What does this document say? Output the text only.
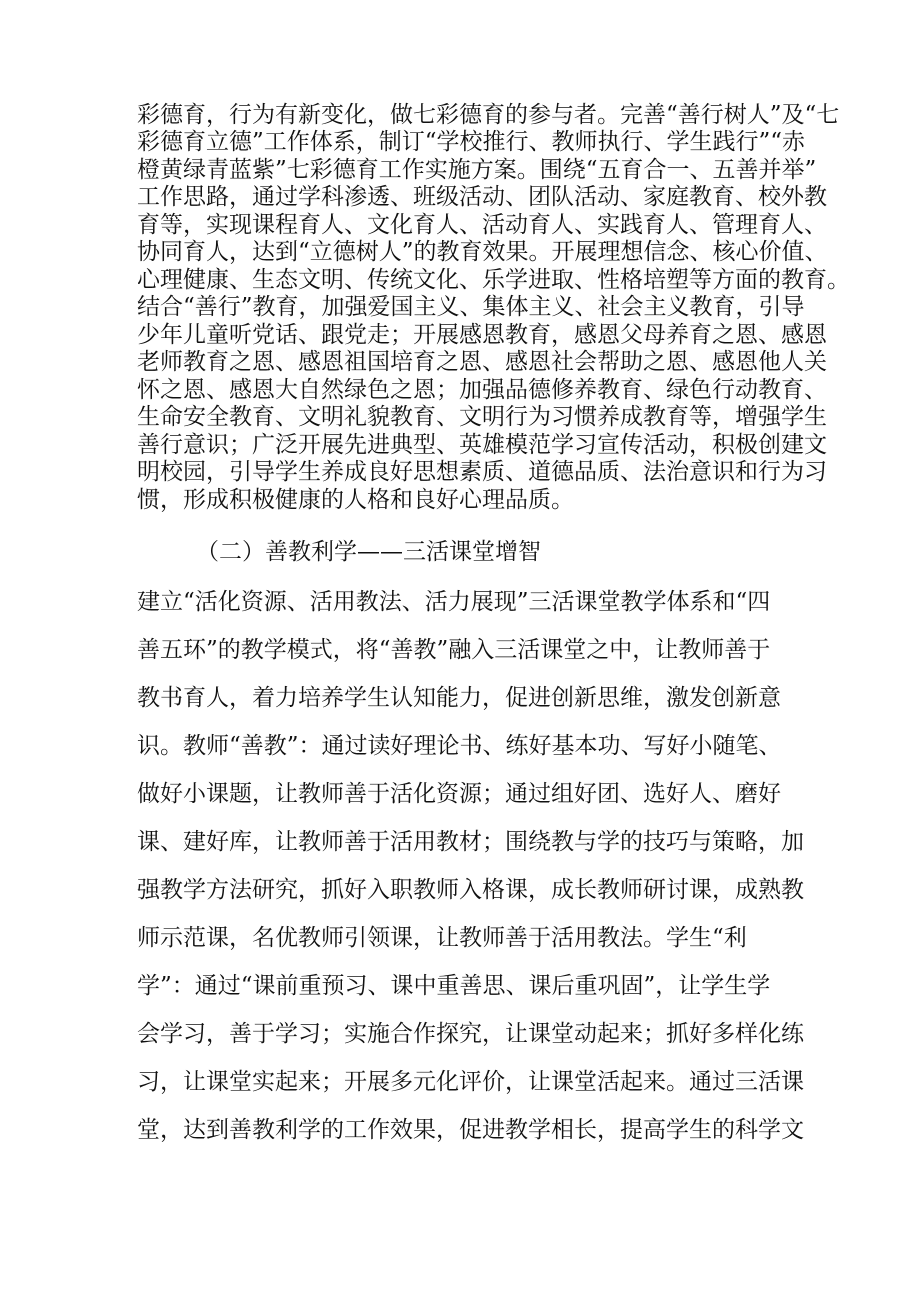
彩德育，行为有新变化，做七彩德育的参与者。完善“善行树人”及“七

彩德育立德”工作体系，制订“学校推行、教师执行、学生践行”“赤

橙黄绿青蓝紫”七彩德育工作实施方案。围绕“五育合一、五善并举”

工作思路，通过学科渗透、班级活动、团队活动、家庭教育、校外教

育等，实现课程育人、文化育人、活动育人、实践育人、管理育人、

协同育人，达到“立德树人”的教育效果。开展理想信念、核心价值、

心理健康、生态文明、传统文化、乐学进取、性格培塑等方面的教育。

结合“善行”教育，加强爱国主义、集体主义、社会主义教育，引导

少年儿童听党话、跟党走；开展感恩教育，感恩父母养育之恩、感恩

老师教育之恩、感恩祖国培育之恩、感恩社会帮助之恩、感恩他人关

怀之恩、感恩大自然绿色之恩；加强品德修养教育、绿色行动教育、

生命安全教育、文明礼貌教育、文明行为习惯养成教育等，增强学生

善行意识；广泛开展先进典型、英雄模范学习宣传活动，积极创建文

明校园，引导学生养成良好思想素质、道德品质、法治意识和行为习

惯，形成积极健康的人格和良好心理品质。

（二）善教利学——三活课堂增智

建立“活化资源、活用教法、活力展现”三活课堂教学体系和“四

善五环”的教学模式，将“善教”融入三活课堂之中，让教师善于

教书育人，着力培养学生认知能力，促进创新思维，激发创新意

识。教师“善教”：通过读好理论书、练好基本功、写好小随笔、

做好小课题，让教师善于活化资源；通过组好团、选好人、磨好

课、建好库，让教师善于活用教材；围绕教与学的技巧与策略，加

强教学方法研究，抓好入职教师入格课，成长教师研讨课，成熟教

师示范课，名优教师引领课，让教师善于活用教法。学生“利

学”：通过“课前重预习、课中重善思、课后重巩固”，让学生学

会学习，善于学习；实施合作探究，让课堂动起来；抓好多样化练

习，让课堂实起来；开展多元化评价，让课堂活起来。通过三活课

堂，达到善教利学的工作效果，促进教学相长，提高学生的科学文
